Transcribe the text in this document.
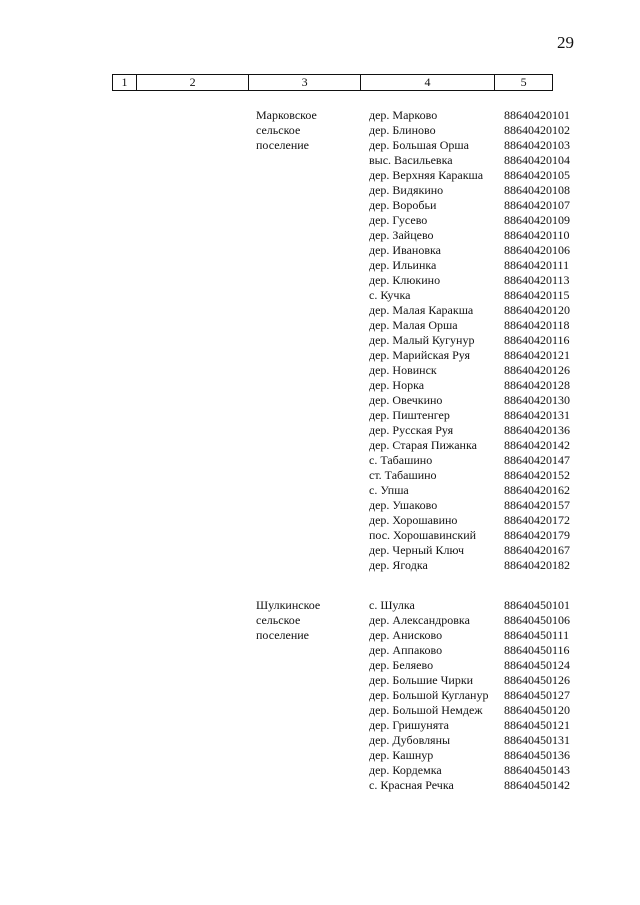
29
1	2	3	4	5
Марковское
сельское
поселение
дер. Марково	88640420101
дер. Блиново	88640420102
дер. Большая Орша	88640420103
выс. Васильевка	88640420104
дер. Верхняя Каракша	88640420105
дер. Видякино	88640420108
дер. Воробьи	88640420107
дер. Гусево	88640420109
дер. Зайцево	88640420110
дер. Ивановка	88640420106
дер. Ильинка	88640420111
дер. Клюкино	88640420113
с. Кучка	88640420115
дер. Малая Каракша	88640420120
дер. Малая Орша	88640420118
дер. Малый Кугунур	88640420116
дер. Марийская Руя	88640420121
дер. Новинск	88640420126
дер. Норка	88640420128
дер. Овечкино	88640420130
дер. Пиштенгер	88640420131
дер. Русская Руя	88640420136
дер. Старая Пижанка	88640420142
с. Табашино	88640420147
ст. Табашино	88640420152
с. Упша	88640420162
дер. Ушаково	88640420157
дер. Хорошавино	88640420172
пос. Хорошавинский	88640420179
дер. Черный Ключ	88640420167
дер. Ягодка	88640420182
Шулкинское
сельское
поселение
с. Шулка	88640450101
дер. Александровка	88640450106
дер. Анисково	88640450111
дер. Аппаково	88640450116
дер. Беляево	88640450124
дер. Большие Чирки	88640450126
дер. Большой Кугланур	88640450127
дер. Большой Немдеж	88640450120
дер. Гришунята	88640450121
дер. Дубовляны	88640450131
дер. Кашнур	88640450136
дер. Кордемка	88640450143
с. Красная Речка	88640450142
